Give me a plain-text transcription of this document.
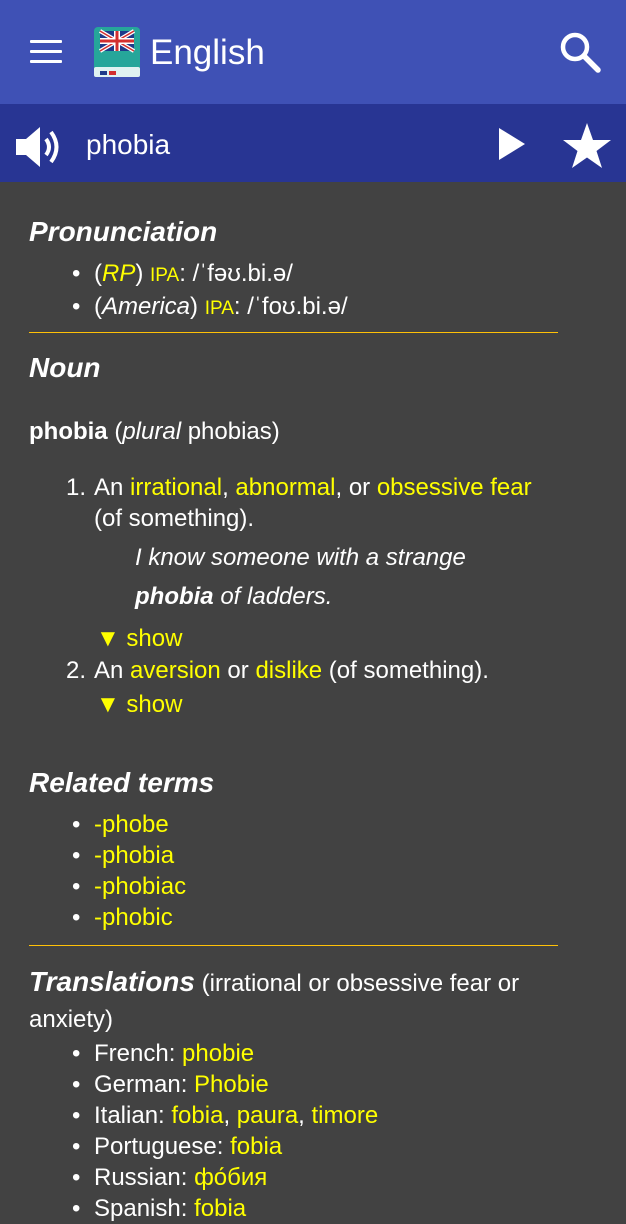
English
phobia
Pronunciation
• (RP) IPA: /ˈfəʊ.bi.ə/
• (America) IPA: /ˈfoʊ.bi.ə/
Noun

phobia (plural phobias)

1. An irrational, abnormal, or obsessive fear (of something).
I know someone with a strange
phobia of ladders.
▼ show
2. An aversion or dislike (of something).
▼ show
Related terms
• -phobe
• -phobia
• -phobiac
• -phobic

Translations (irrational or obsessive fear or anxiety)

• French: phobie
• German: Phobie
• Italian: fobia, paura, timore
• Portuguese: fobia
• Russian: фо́бия
• Spanish: fobia
